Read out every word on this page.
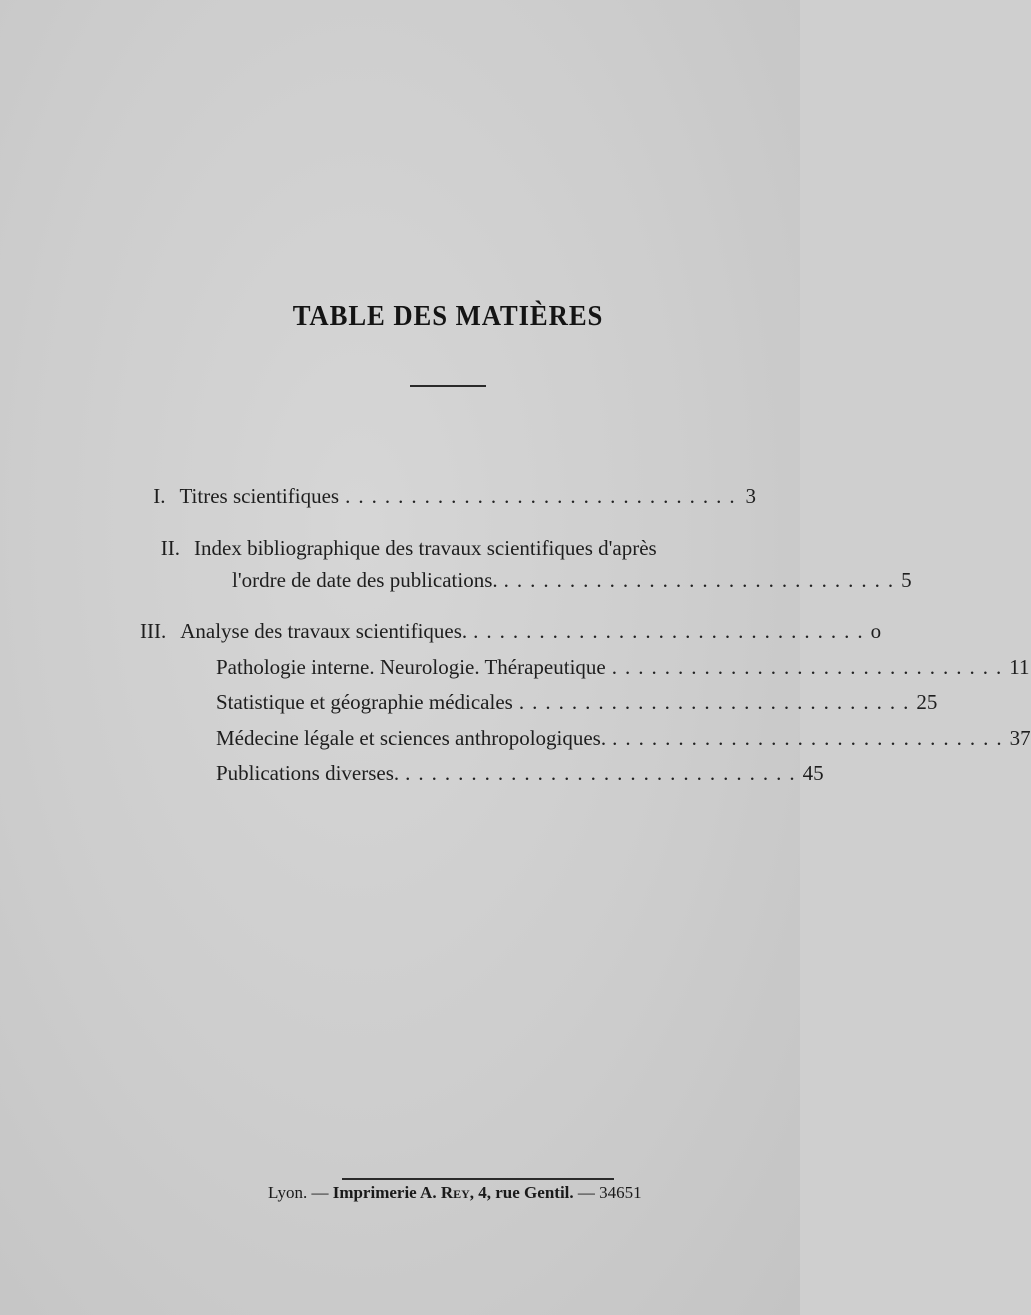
TABLE DES MATIÈRES
I. Titres scientifiques .............................. 3
II. Index bibliographique des travaux scientifiques d'après
l'ordre de date des publications. .............................. 5
III. Analyse des travaux scientifiques. .............................. o
Pathologie interne. Neurologie. Thérapeutique .............................. 11
Statistique et géographie médicales .............................. 25
Médecine légale et sciences anthropologiques. .............................. 37
Publications diverses. .............................. 45
Lyon. — Imprimerie A. Rey, 4, rue Gentil. — 34651
